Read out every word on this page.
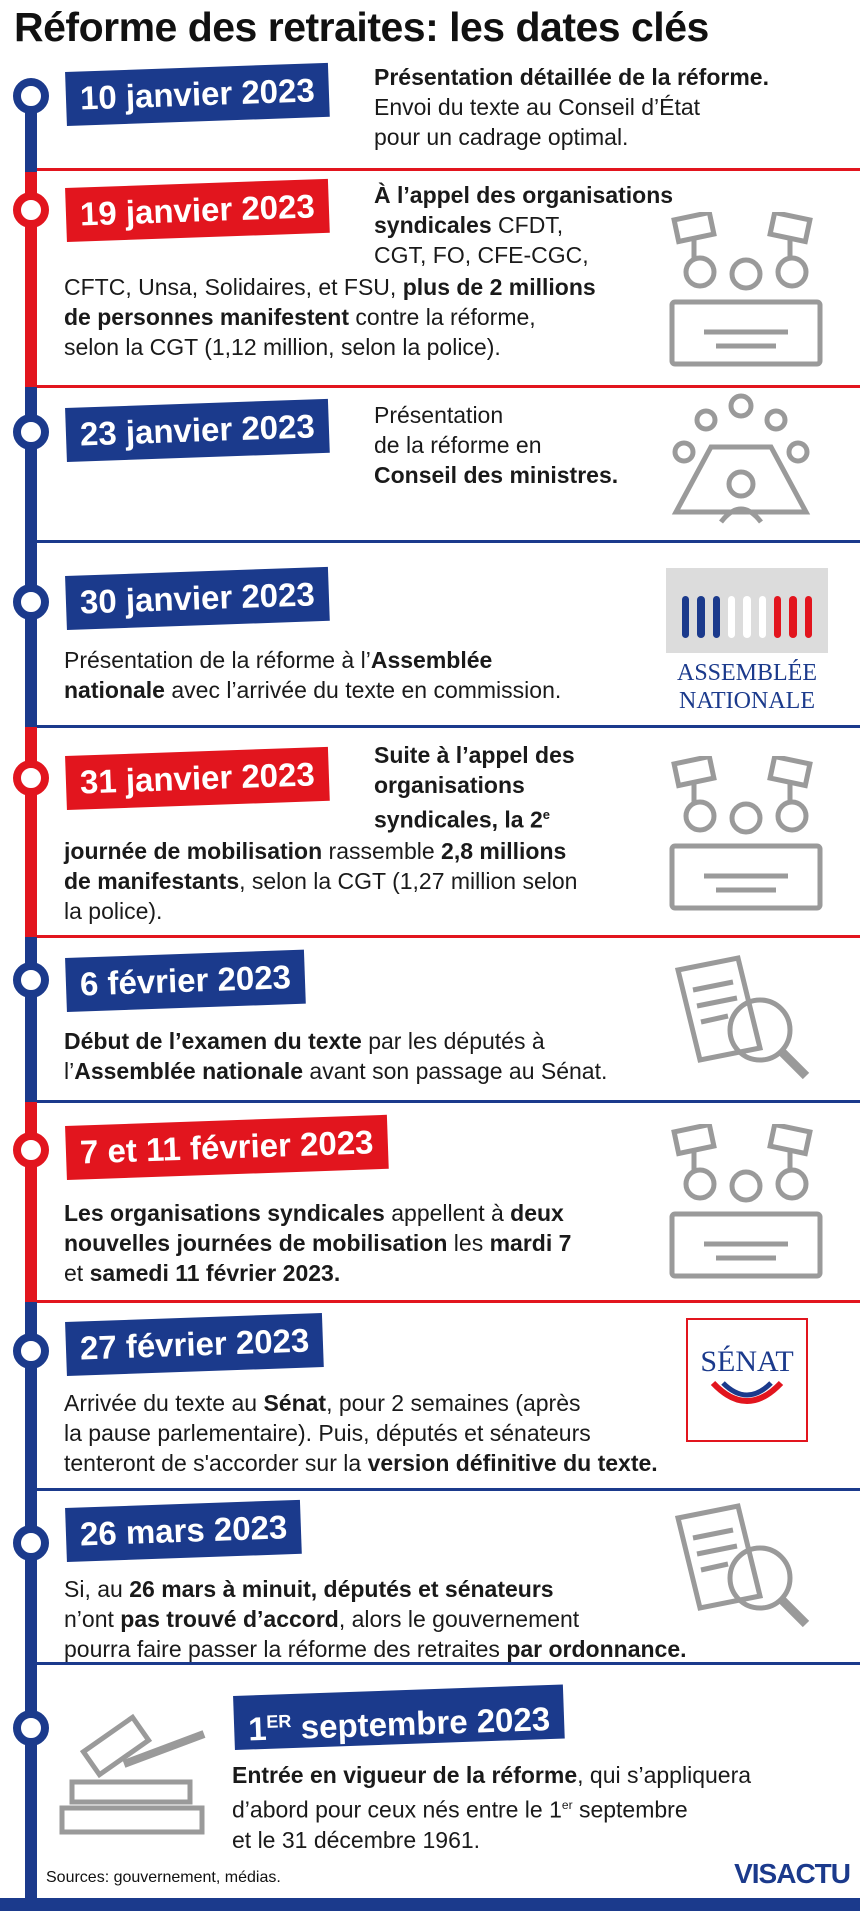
Réforme des retraites: les dates clés
10 janvier 2023	Présentation détaillée de la réforme.
Envoi du texte au Conseil d’État
pour un cadrage optimal.
19 janvier 2023	À l’appel des organisations
syndicales CFDT,
CGT, FO, CFE-CGC,
CFTC, Unsa, Solidaires, et FSU, plus de 2 millions
de personnes manifestent contre la réforme,
selon la CGT (1,12 million, selon la police).
23 janvier 2023	Présentation
de la réforme en
Conseil des ministres.
30 janvier 2023
Présentation de la réforme à l’Assemblée
nationale avec l’arrivée du texte en commission.
ASSEMBLÉE
NATIONALE
31 janvier 2023
Suite à l’appel des
organisations
syndicales, la 2e
journée de mobilisation rassemble 2,8 millions
de manifestants, selon la CGT (1,27 million selon
la police).
6 février 2023
Début de l’examen du texte par les députés à
l’Assemblée nationale avant son passage au Sénat.
7 et 11 février 2023
Les organisations syndicales appellent à deux
nouvelles journées de mobilisation les mardi 7
et samedi 11 février 2023.
27 février 2023
Arrivée du texte au Sénat, pour 2 semaines (après
la pause parlementaire). Puis, députés et sénateurs
tenteront de s'accorder sur la version définitive du texte.
SÉNAT
26 mars 2023
Si, au 26 mars à minuit, députés et sénateurs
n’ont pas trouvé d’accord, alors le gouvernement
pourra faire passer la réforme des retraites par ordonnance.
1ER septembre 2023
Entrée en vigueur de la réforme, qui s’appliquera
d’abord pour ceux nés entre le 1er septembre
et le 31 décembre 1961.
Sources: gouvernement, médias.	VISACTU
